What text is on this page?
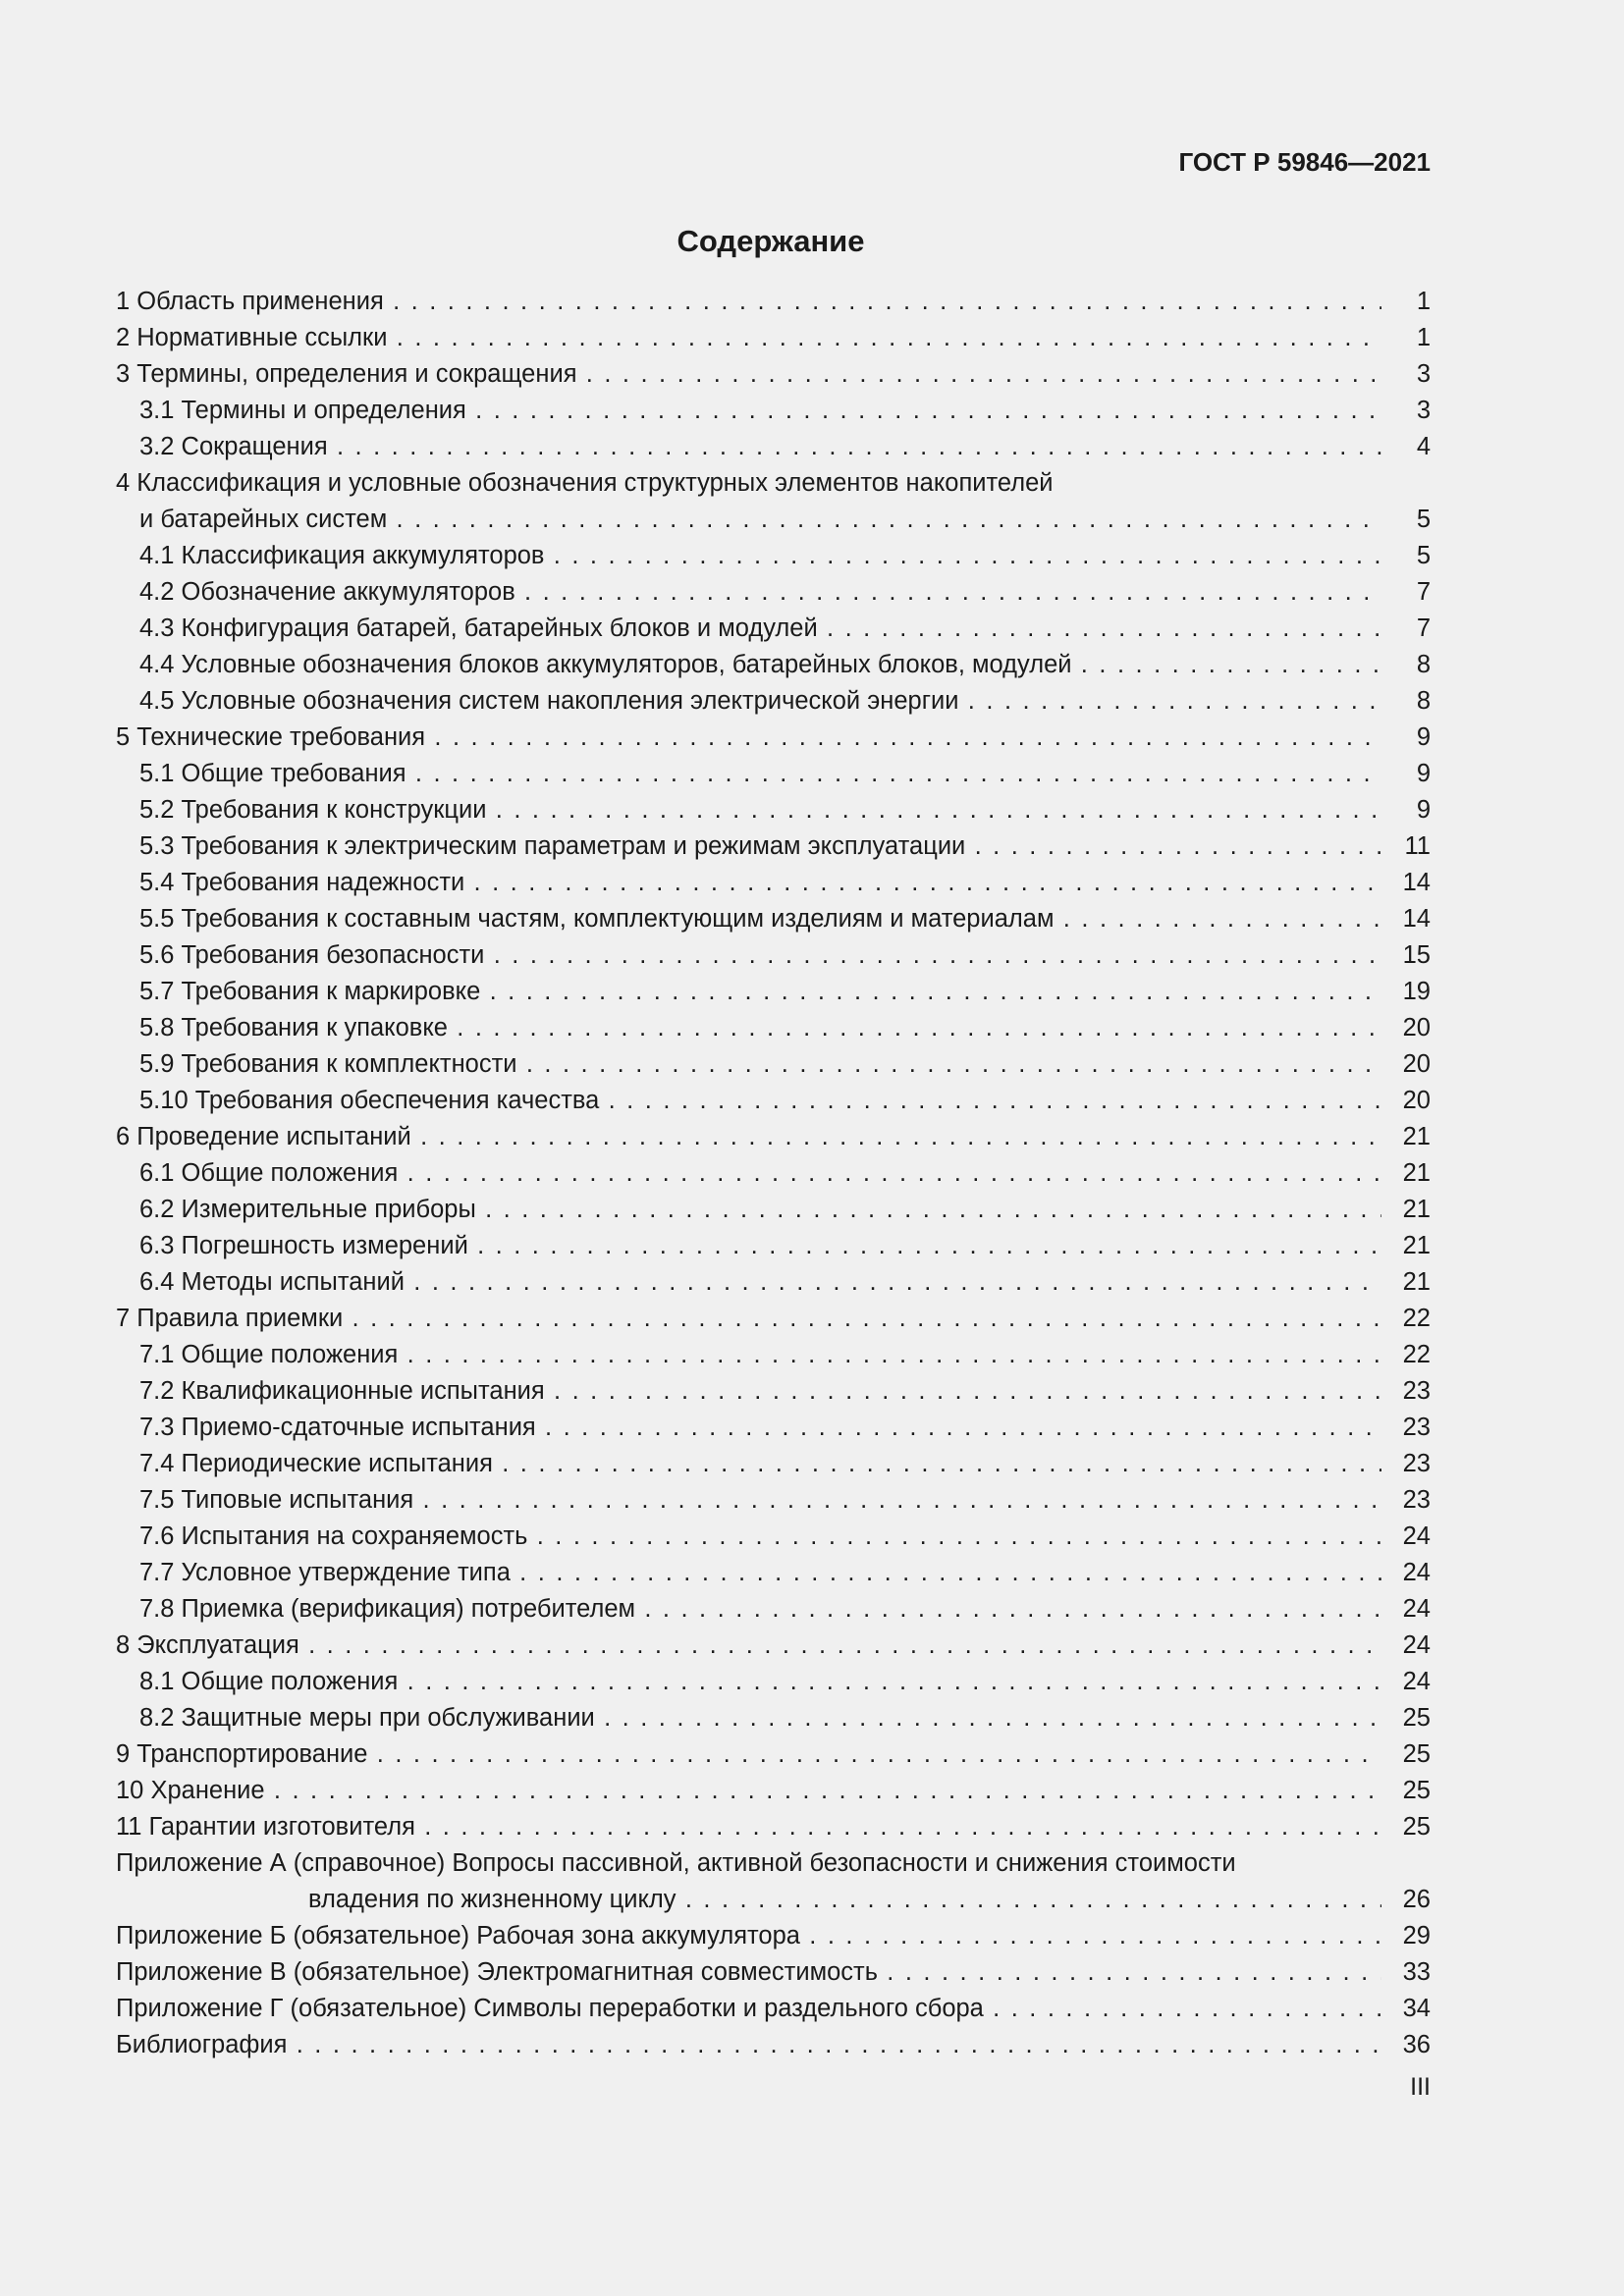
ГОСТ Р 59846—2021
Содержание
1 Область применения . . .	1
2 Нормативные ссылки . . .	1
3 Термины, определения и сокращения . . .	3
3.1 Термины и определения . . .	3
3.2 Сокращения . . .	4
4 Классификация и условные обозначения структурных элементов накопителей
и батарейных систем . . .	5
4.1 Классификация аккумуляторов . . .	5
4.2 Обозначение аккумуляторов . . .	7
4.3 Конфигурация батарей, батарейных блоков и модулей . . .	7
4.4 Условные обозначения блоков аккумуляторов, батарейных блоков, модулей . . .	8
4.5 Условные обозначения систем накопления электрической энергии . . .	8
5 Технические требования . . .	9
5.1 Общие требования . . .	9
5.2 Требования к конструкции . . .	9
5.3 Требования к электрическим параметрам и режимам эксплуатации . . .	11
5.4 Требования надежности . . .	14
5.5 Требования к составным частям, комплектующим изделиям и материалам . . .	14
5.6 Требования безопасности . . .	15
5.7 Требования к маркировке . . .	19
5.8 Требования к упаковке . . .	20
5.9 Требования к комплектности . . .	20
5.10 Требования обеспечения качества . . .	20
6 Проведение испытаний . . .	21
6.1 Общие положения . . .	21
6.2 Измерительные приборы . . .	21
6.3 Погрешность измерений . . .	21
6.4 Методы испытаний . . .	21
7 Правила приемки . . .	22
7.1 Общие положения . . .	22
7.2 Квалификационные испытания . . .	23
7.3 Приемо-сдаточные испытания . . .	23
7.4 Периодические испытания . . .	23
7.5 Типовые испытания . . .	23
7.6 Испытания на сохраняемость . . .	24
7.7 Условное утверждение типа . . .	24
7.8 Приемка (верификация) потребителем . . .	24
8 Эксплуатация . . .	24
8.1 Общие положения . . .	24
8.2 Защитные меры при обслуживании . . .	25
9 Транспортирование . . .	25
10 Хранение . . .	25
11 Гарантии изготовителя . . .	25
Приложение А (справочное) Вопросы пассивной, активной безопасности и снижения стоимости
владения по жизненному циклу . . .	26
Приложение Б (обязательное) Рабочая зона аккумулятора . . .	29
Приложение В (обязательное) Электромагнитная совместимость . . .	33
Приложение Г (обязательное) Символы переработки и раздельного сбора . . .	34
Библиография . . .	36
III
